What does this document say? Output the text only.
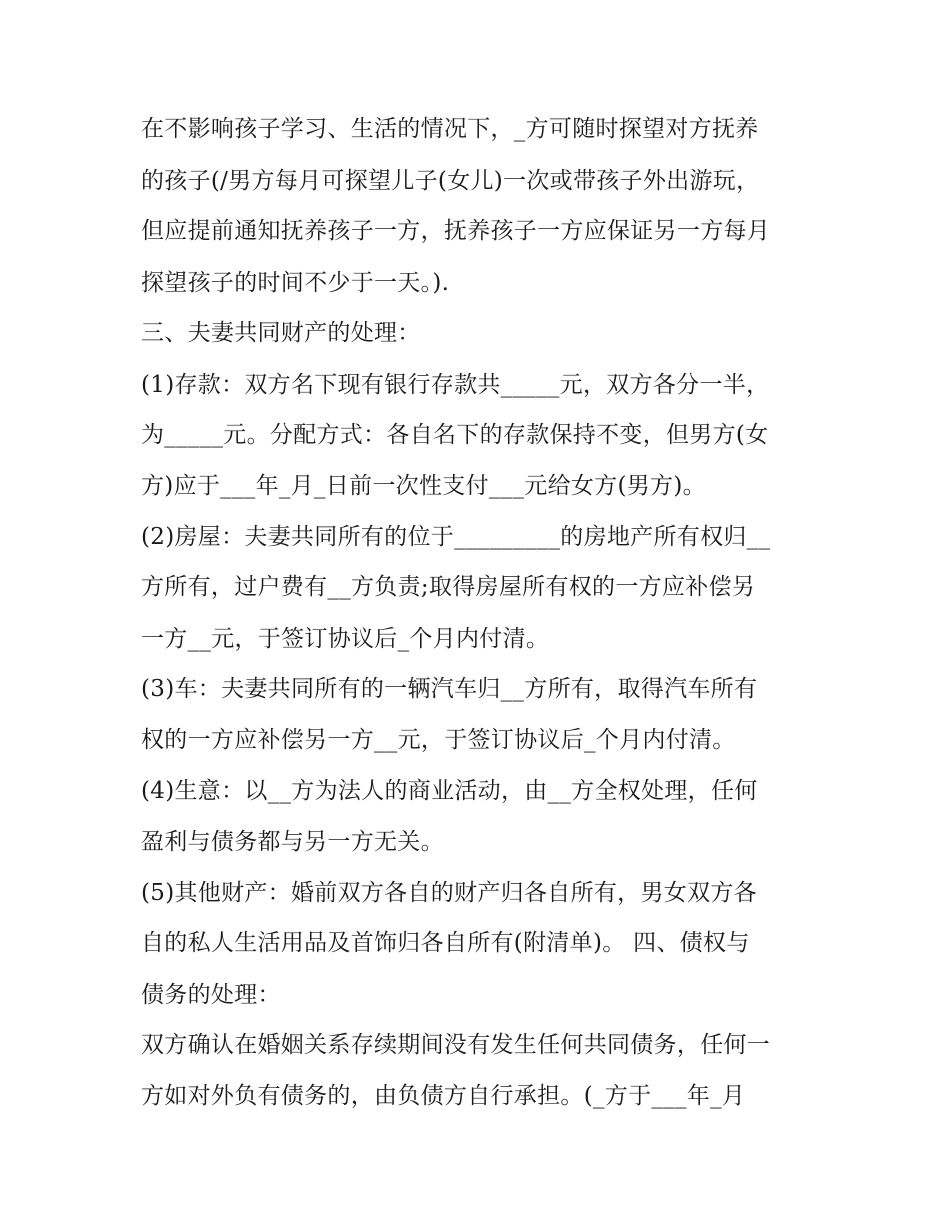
在不影响孩子学习、生活的情况下，_方可随时探望对方抚养
的孩子(/男方每月可探望儿子(女儿)一次或带孩子外出游玩，
但应提前通知抚养孩子一方，抚养孩子一方应保证另一方每月
探望孩子的时间不少于一天。).
三、夫妻共同财产的处理：
(1)存款：双方名下现有银行存款共_____元，双方各分一半，
为_____元。分配方式：各自名下的存款保持不变，但男方(女
方)应于___年_月_日前一次性支付___元给女方(男方)。
(2)房屋：夫妻共同所有的位于_________的房地产所有权归__
方所有，过户费有__方负责;取得房屋所有权的一方应补偿另
一方__元，于签订协议后_个月内付清。
(3)车：夫妻共同所有的一辆汽车归__方所有，取得汽车所有
权的一方应补偿另一方__元，于签订协议后_个月内付清。
(4)生意：以__方为法人的商业活动，由__方全权处理，任何
盈利与债务都与另一方无关。
(5)其他财产：婚前双方各自的财产归各自所有，男女双方各
自的私人生活用品及首饰归各自所有(附清单)。 四、债权与
债务的处理：
双方确认在婚姻关系存续期间没有发生任何共同债务，任何一
方如对外负有债务的，由负债方自行承担。(_方于___年_月
